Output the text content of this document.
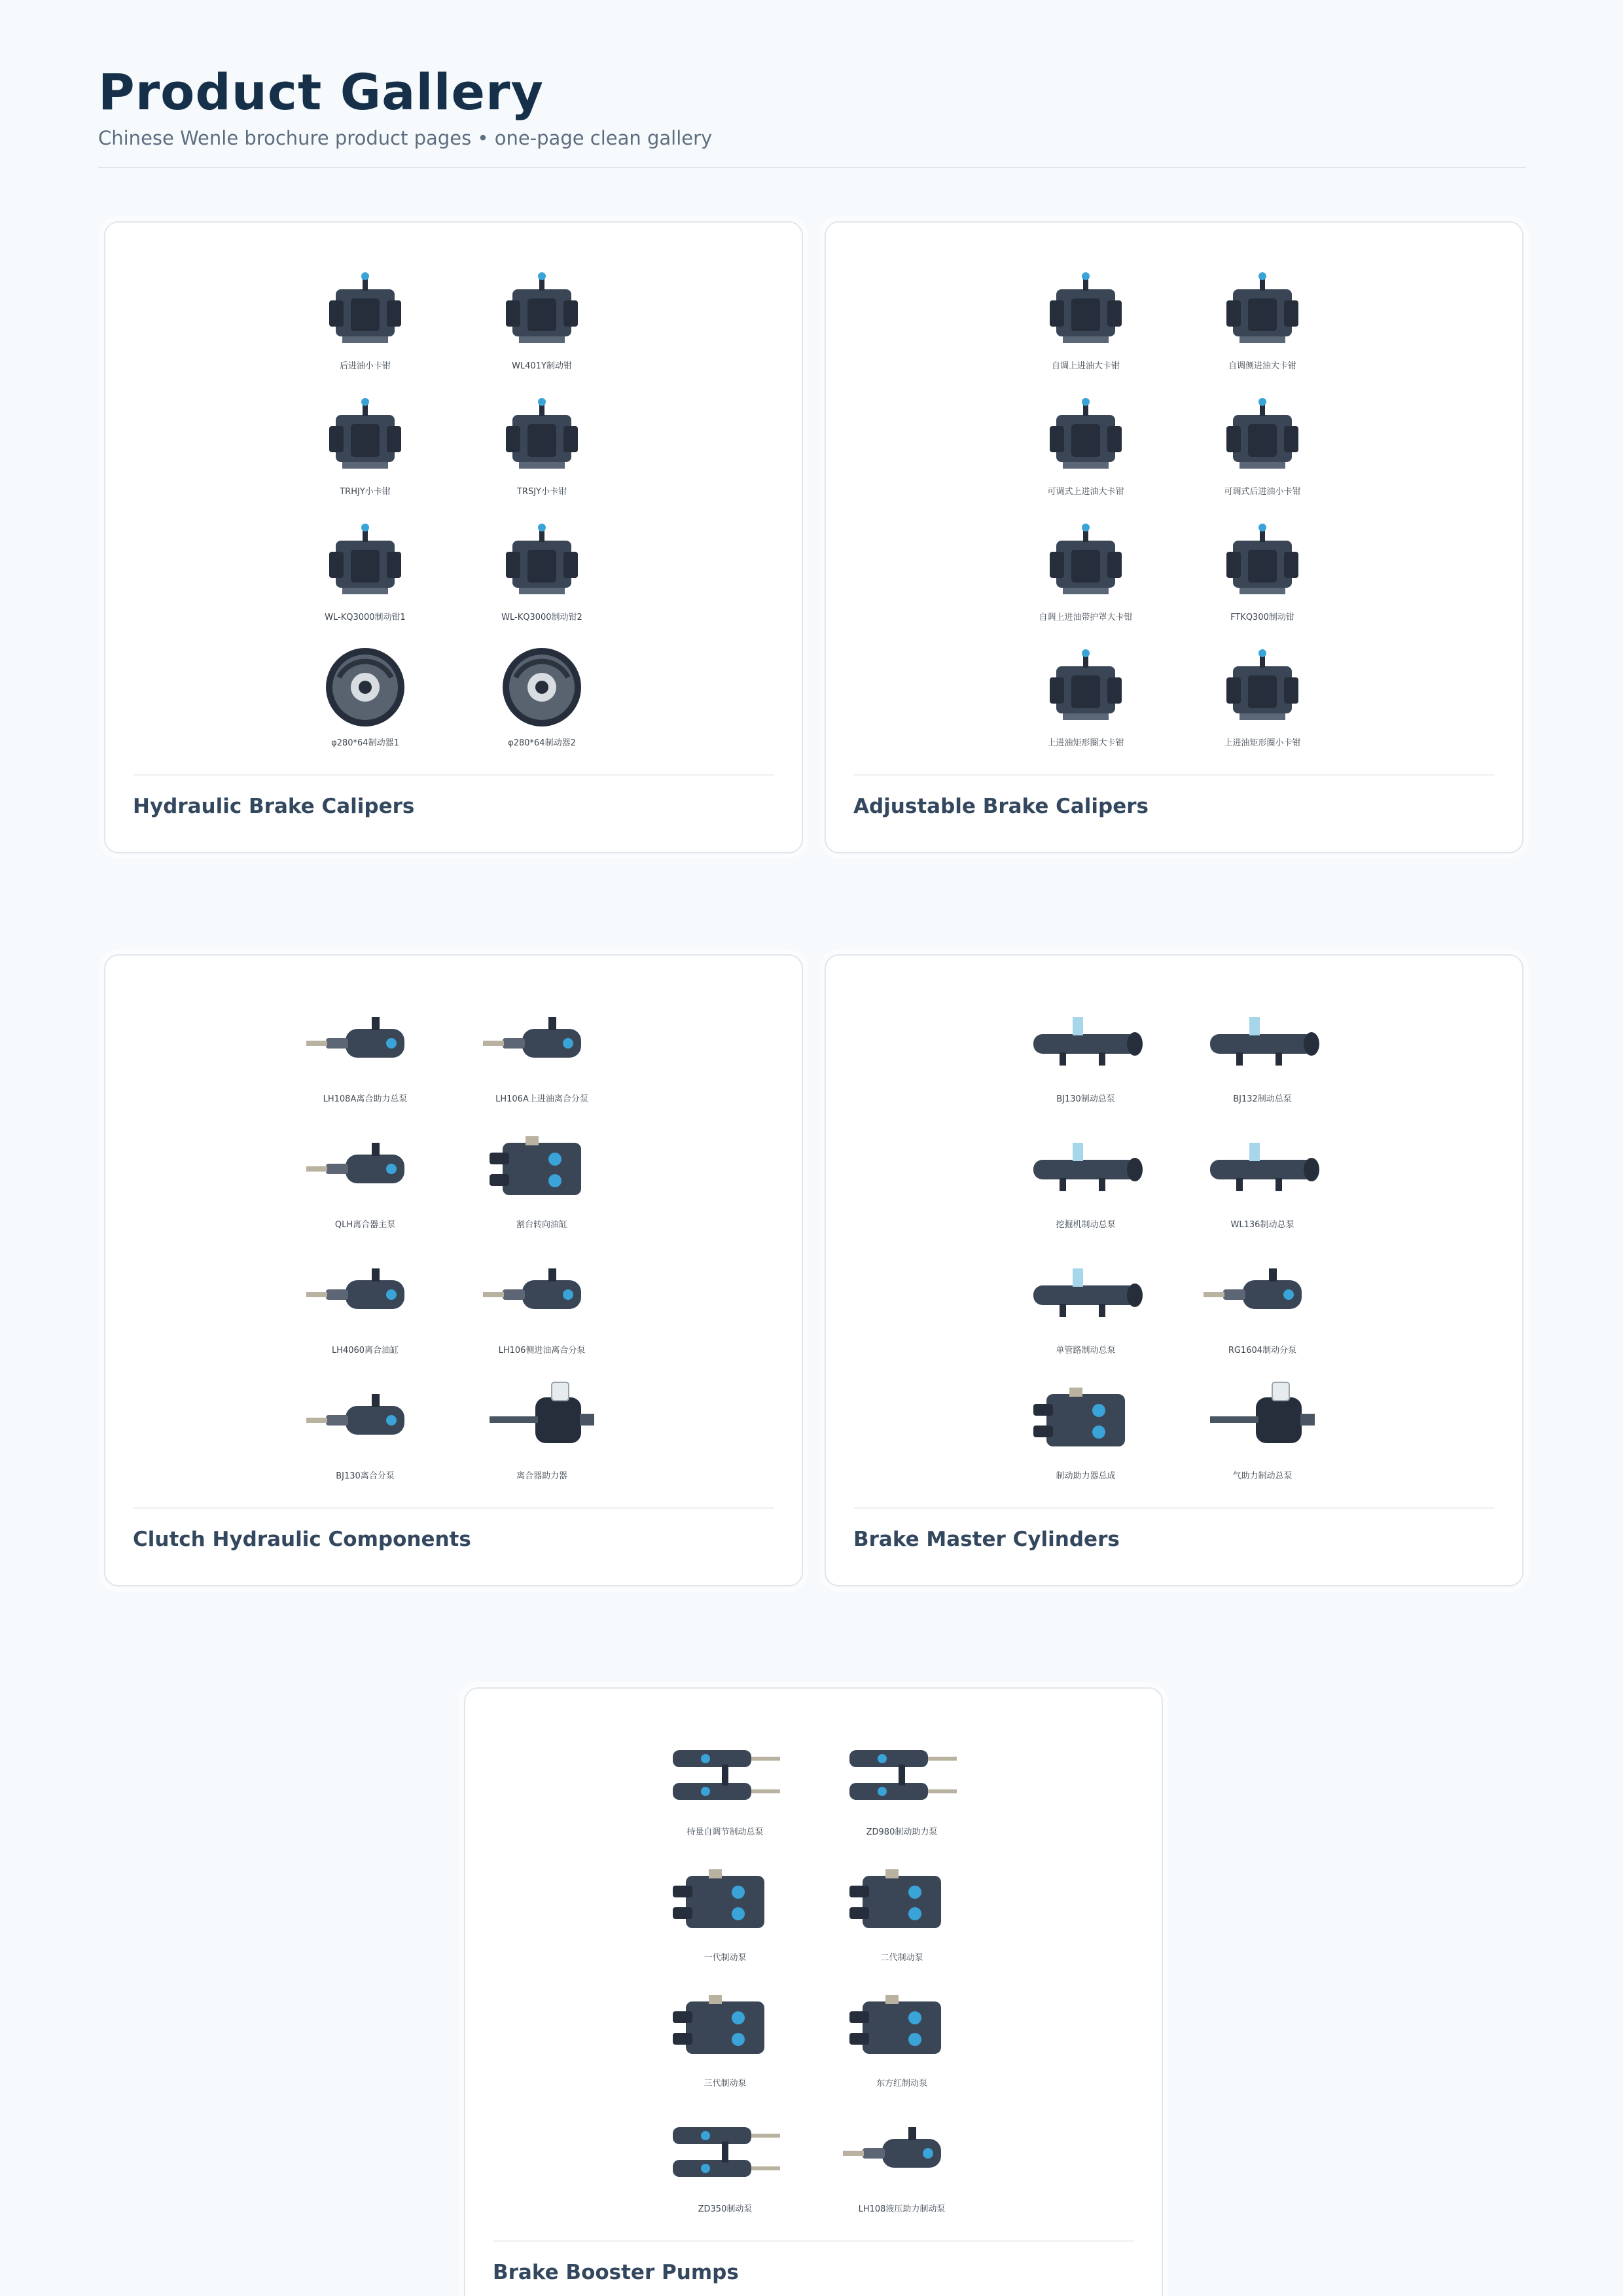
Product Gallery
Chinese Wenle brochure product pages • one-page clean gallery
后进油小卡钳	WL401Y制动钳
TRHJY小卡钳	TRSJY小卡钳
WL-KQ3000制动钳1	WL-KQ3000制动钳2
φ280*64制动器1	φ280*64制动器2
Hydraulic Brake Calipers
自调上进油大卡钳	自调侧进油大卡钳
可调式上进油大卡钳	可调式后进油小卡钳
自调上进油带护罩大卡钳	FTKQ300制动钳
上进油矩形圈大卡钳	上进油矩形圈小卡钳
Adjustable Brake Calipers
LH108A离合助力总泵	LH106A上进油离合分泵
QLH离合器主泵	割台转向油缸
LH4060离合油缸	LH106侧进油离合分泵
BJ130离合分泵	离合器助力器
Clutch Hydraulic Components
BJ130制动总泵	BJ132制动总泵
挖掘机制动总泵	WL136制动总泵
单管路制动总泵	RG1604制动分泵
制动助力器总成	气助力制动总泵
Brake Master Cylinders
持量自调节制动总泵	ZD980制动助力泵
一代制动泵	二代制动泵
三代制动泵	东方红制动泵
ZD350制动泵	LH108液压助力制动泵
Brake Booster Pumps
